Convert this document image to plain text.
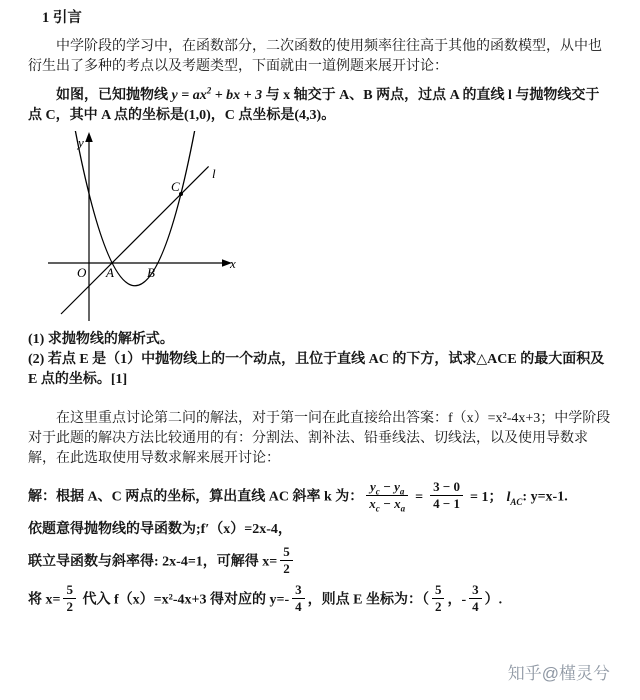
1 引言

中学阶段的学习中，在函数部分，二次函数的使用频率往往高于其他的函数模型，从中也衍生出了多种的考点以及考题类型，下面就由一道例题来展开讨论：

如图，已知抛物线 $y = ax^2$ + bx + 3 与 x 轴交于 A、B 两点，过点 A 的直线 l 与抛物线交于点 C，其中 A 点的坐标是(1,0)，C 点坐标是(4,3)。

y
x
O A	B
C
l

(1) 求抛物线的解析式。

(2) 若点 E 是（1）中抛物线上的一个动点，且位于直线 AC 的下方，试求△ACE 的最大面积及 E 点的坐标。[1]

在这里重点讨论第二问的解法，对于第一问在此直接给出答案：f（x）=x²-4x+3；中学阶段对于此题的解决方法比较通用的有：分割法、割补法、铅垂线法、切线法，以及使用导数求解，在此选取使用导数求解来展开讨论：

解：根据 A、C 两点的坐标，算出直线 AC 斜率 k 为： $\frac{y_c - y_a}{x_c - x_a} = \frac{3 - 0}{4 - 1} = 1$； $l_{AC}$: y=x-1.

依题意得抛物线的导函数为;f′（x）=2x-4，

联立导函数与斜率得: 2x-4=1，可解得 $x= \frac{5}{2}$

将 $x= \frac{5}{2}$ 代入 f（x）=x²-4x+3 得对应的 $y=- \frac{3}{4}$ ，则点 E 坐标为：（ $\frac{5}{2}$ ，- $\frac{3}{4}$ ）.

知乎@槿灵兮
